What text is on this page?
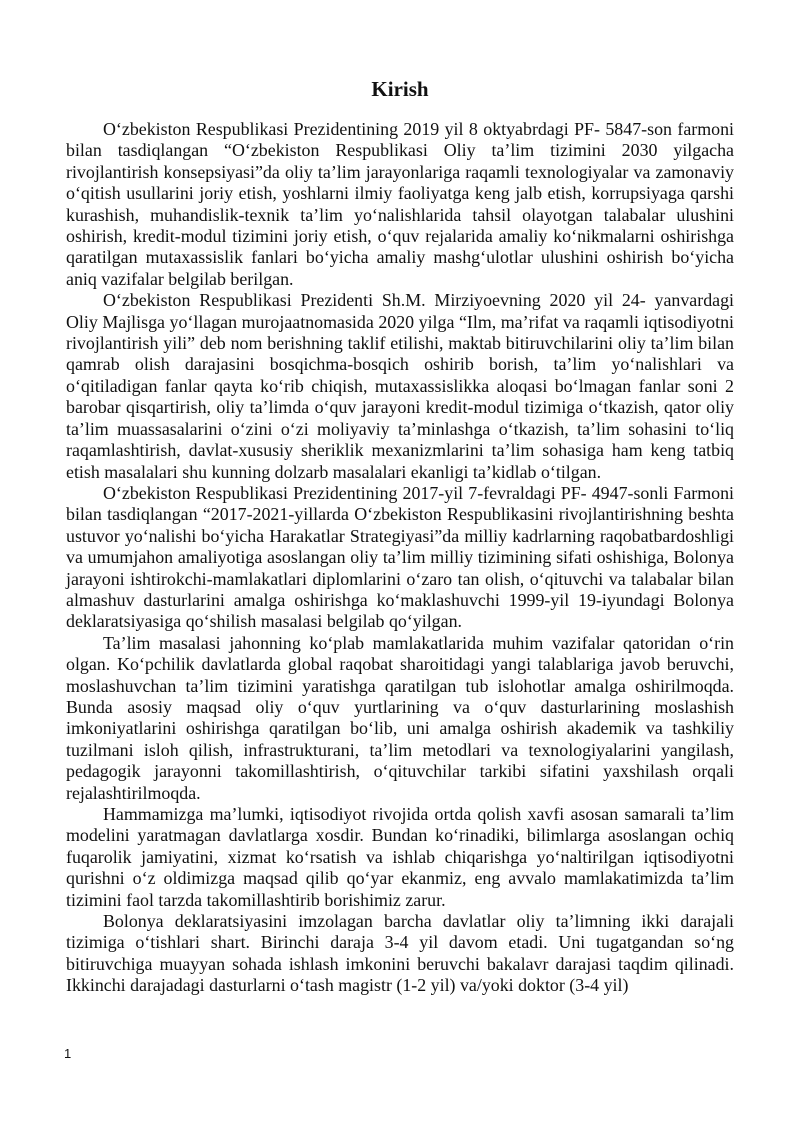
Kirish

O‘zbekiston Respublikasi Prezidentining 2019 yil 8 oktyabrdagi PF- 5847-son farmoni bilan tasdiqlangan “O‘zbekiston Respublikasi Oliy ta’lim tizimini 2030 yilgacha rivojlantirish konsepsiyasi”da oliy ta’lim jarayonlariga raqamli texnologiyalar va zamonaviy o‘qitish usullarini joriy etish, yoshlarni ilmiy faoliyatga keng jalb etish, korrupsiyaga qarshi kurashish, muhandislik-texnik ta’lim yo‘nalishlarida tahsil olayotgan talabalar ulushini oshirish, kredit-modul tizimini joriy etish, o‘quv rejalarida amaliy ko‘nikmalarni oshirishga qaratilgan mutaxassislik fanlari bo‘yicha amaliy mashg‘ulotlar ulushini oshirish bo‘yicha aniq vazifalar belgilab berilgan.

O‘zbekiston Respublikasi Prezidenti Sh.M. Mirziyoevning 2020 yil 24- yanvardagi Oliy Majlisga yo‘llagan murojaatnomasida 2020 yilga “Ilm, ma’rifat va raqamli iqtisodiyotni rivojlantirish yili” deb nom berishning taklif etilishi, maktab bitiruvchilarini oliy ta’lim bilan qamrab olish darajasini bosqichma-bosqich oshirib borish, ta’lim yo‘nalishlari va o‘qitiladigan fanlar qayta ko‘rib chiqish, mutaxassislikka aloqasi bo‘lmagan fanlar soni 2 barobar qisqartirish, oliy ta’limda o‘quv jarayoni kredit-modul tizimiga o‘tkazish, qator oliy ta’lim muassasalarini o‘zini o‘zi moliyaviy ta’minlashga o‘tkazish, ta’lim sohasini to‘liq raqamlashtirish, davlat-xususiy sheriklik mexanizmlarini ta’lim sohasiga ham keng tatbiq etish masalalari shu kunning dolzarb masalalari ekanligi ta’kidlab o‘tilgan.

O‘zbekiston Respublikasi Prezidentining 2017-yil 7-fevraldagi PF- 4947-sonli Farmoni bilan tasdiqlangan “2017-2021-yillarda O‘zbekiston Respublikasini rivojlantirishning beshta ustuvor yo‘nalishi bo‘yicha Harakatlar Strategiyasi”da milliy kadrlarning raqobatbardoshligi va umumjahon amaliyotiga asoslangan oliy ta’lim milliy tizimining sifati oshishiga, Bolonya jarayoni ishtirokchi-mamlakatlari diplomlarini o‘zaro tan olish, o‘qituvchi va talabalar bilan almashuv dasturlarini amalga oshirishga ko‘maklashuvchi 1999-yil 19-iyundagi Bolonya deklaratsiyasiga qo‘shilish masalasi belgilab qo‘yilgan.

Ta’lim masalasi jahonning ko‘plab mamlakatlarida muhim vazifalar qatoridan o‘rin olgan. Ko‘pchilik davlatlarda global raqobat sharoitidagi yangi talablariga javob beruvchi, moslashuvchan ta’lim tizimini yaratishga qaratilgan tub islohotlar amalga oshirilmoqda. Bunda asosiy maqsad oliy o‘quv yurtlarining va o‘quv dasturlarining moslashish imkoniyatlarini oshirishga qaratilgan bo‘lib, uni amalga oshirish akademik va tashkiliy tuzilmani isloh qilish, infrastrukturani, ta’lim metodlari va texnologiyalarini yangilash, pedagogik jarayonni takomillashtirish, o‘qituvchilar tarkibi sifatini yaxshilash orqali rejalashtirilmoqda.

Hammamizga ma’lumki, iqtisodiyot rivojida ortda qolish xavfi asosan samarali ta’lim modelini yaratmagan davlatlarga xosdir. Bundan ko‘rinadiki, bilimlarga asoslangan ochiq fuqarolik jamiyatini, xizmat ko‘rsatish va ishlab chiqarishga yo‘naltirilgan iqtisodiyotni qurishni o‘z oldimizga maqsad qilib qo‘yar ekanmiz, eng avvalo mamlakatimizda ta’lim tizimini faol tarzda takomillashtirib borishimiz zarur.

Bolonya deklaratsiyasini imzolagan barcha davlatlar oliy ta’limning ikki darajali tizimiga o‘tishlari shart. Birinchi daraja 3-4 yil davom etadi. Uni tugatgandan so‘ng bitiruvchiga muayyan sohada ishlash imkonini beruvchi bakalavr darajasi taqdim qilinadi. Ikkinchi darajadagi dasturlarni o‘tash magistr (1-2 yil) va/yoki doktor (3-4 yil)

1
